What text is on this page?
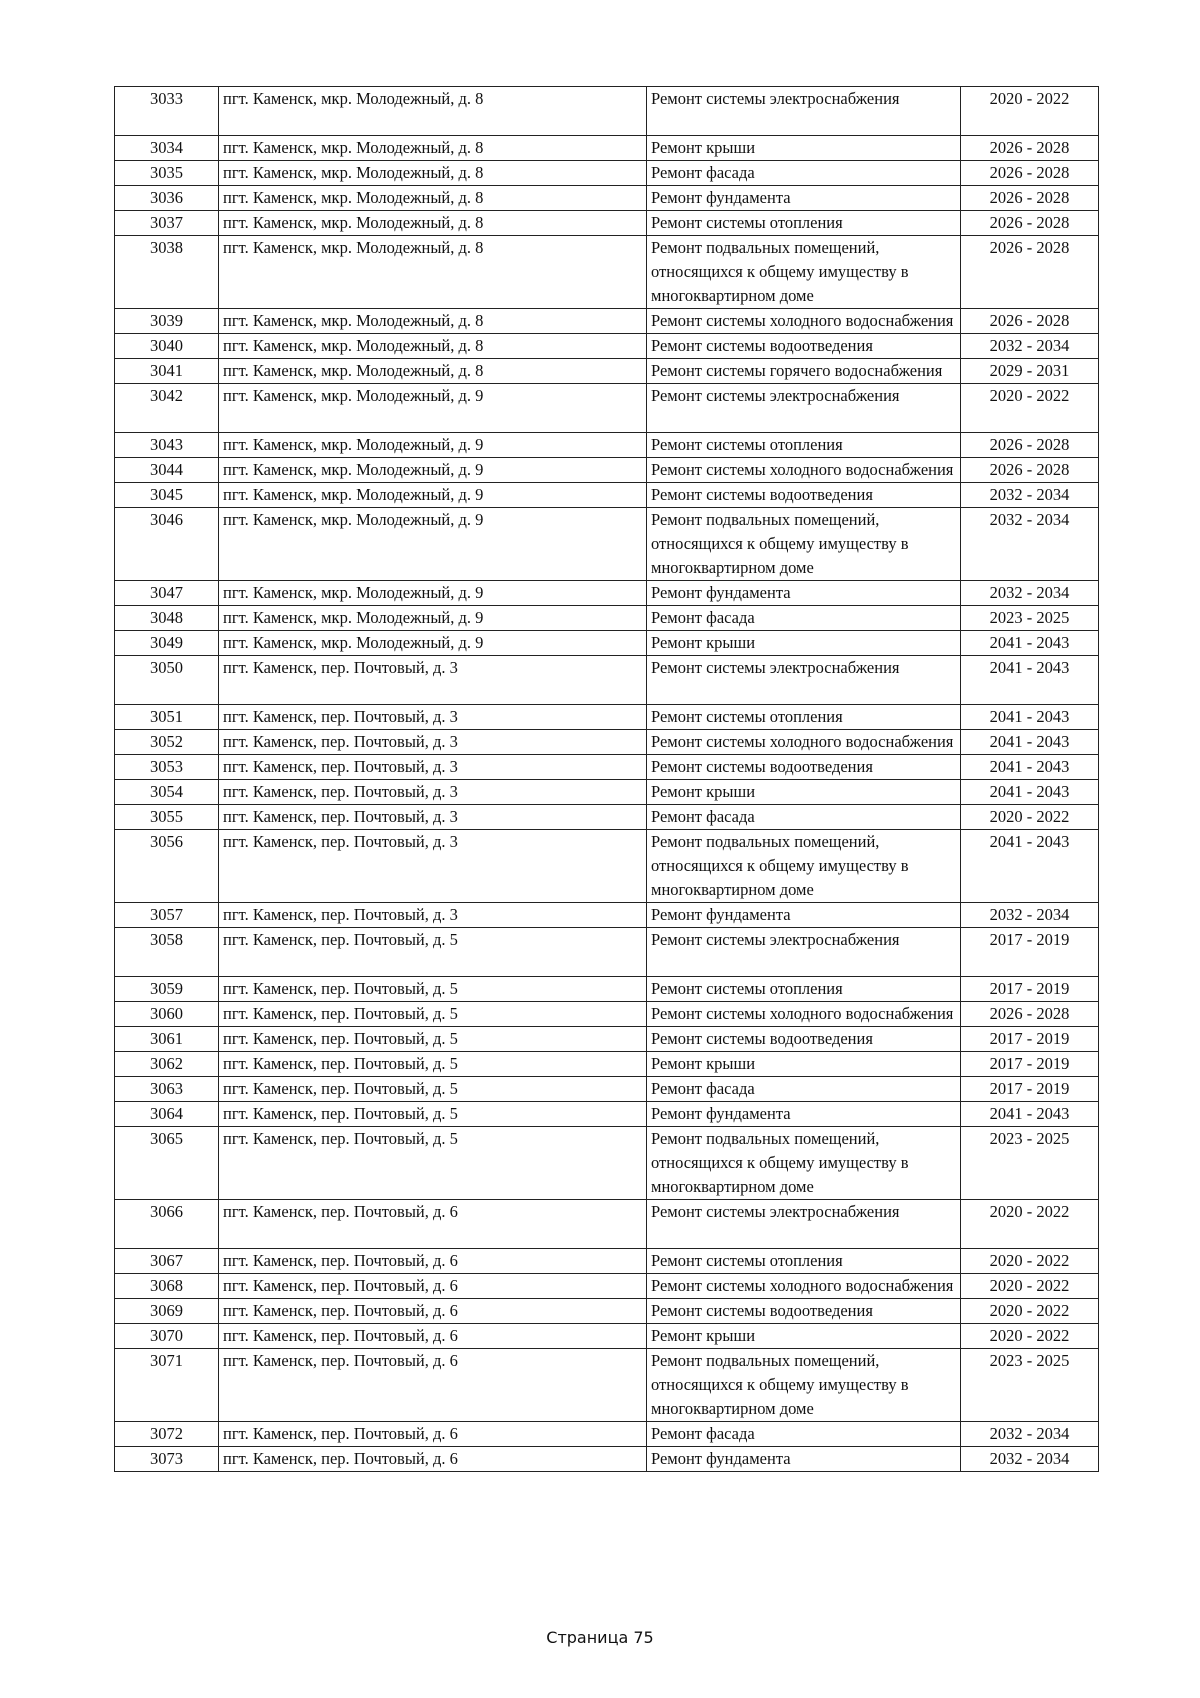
3033	пгт. Каменск, мкр. Молодежный, д. 8	Ремонт системы электроснабжения	2020 - 2022
3034	пгт. Каменск, мкр. Молодежный, д. 8	Ремонт крыши	2026 - 2028
3035	пгт. Каменск, мкр. Молодежный, д. 8	Ремонт фасада	2026 - 2028
3036	пгт. Каменск, мкр. Молодежный, д. 8	Ремонт фундамента	2026 - 2028
3037	пгт. Каменск, мкр. Молодежный, д. 8	Ремонт системы отопления	2026 - 2028
3038	пгт. Каменск, мкр. Молодежный, д. 8	Ремонт подвальных помещений, относящихся к общему имуществу в многоквартирном доме	2026 - 2028
3039	пгт. Каменск, мкр. Молодежный, д. 8	Ремонт системы холодного водоснабжения	2026 - 2028
3040	пгт. Каменск, мкр. Молодежный, д. 8	Ремонт системы водоотведения	2032 - 2034
3041	пгт. Каменск, мкр. Молодежный, д. 8	Ремонт системы горячего водоснабжения	2029 - 2031
3042	пгт. Каменск, мкр. Молодежный, д. 9	Ремонт системы электроснабжения	2020 - 2022
3043	пгт. Каменск, мкр. Молодежный, д. 9	Ремонт системы отопления	2026 - 2028
3044	пгт. Каменск, мкр. Молодежный, д. 9	Ремонт системы холодного водоснабжения	2026 - 2028
3045	пгт. Каменск, мкр. Молодежный, д. 9	Ремонт системы водоотведения	2032 - 2034
3046	пгт. Каменск, мкр. Молодежный, д. 9	Ремонт подвальных помещений, относящихся к общему имуществу в многоквартирном доме	2032 - 2034
3047	пгт. Каменск, мкр. Молодежный, д. 9	Ремонт фундамента	2032 - 2034
3048	пгт. Каменск, мкр. Молодежный, д. 9	Ремонт фасада	2023 - 2025
3049	пгт. Каменск, мкр. Молодежный, д. 9	Ремонт крыши	2041 - 2043
3050	пгт. Каменск, пер. Почтовый, д. 3	Ремонт системы электроснабжения	2041 - 2043
3051	пгт. Каменск, пер. Почтовый, д. 3	Ремонт системы отопления	2041 - 2043
3052	пгт. Каменск, пер. Почтовый, д. 3	Ремонт системы холодного водоснабжения	2041 - 2043
3053	пгт. Каменск, пер. Почтовый, д. 3	Ремонт системы водоотведения	2041 - 2043
3054	пгт. Каменск, пер. Почтовый, д. 3	Ремонт крыши	2041 - 2043
3055	пгт. Каменск, пер. Почтовый, д. 3	Ремонт фасада	2020 - 2022
3056	пгт. Каменск, пер. Почтовый, д. 3	Ремонт подвальных помещений, относящихся к общему имуществу в многоквартирном доме	2041 - 2043
3057	пгт. Каменск, пер. Почтовый, д. 3	Ремонт фундамента	2032 - 2034
3058	пгт. Каменск, пер. Почтовый, д. 5	Ремонт системы электроснабжения	2017 - 2019
3059	пгт. Каменск, пер. Почтовый, д. 5	Ремонт системы отопления	2017 - 2019
3060	пгт. Каменск, пер. Почтовый, д. 5	Ремонт системы холодного водоснабжения	2026 - 2028
3061	пгт. Каменск, пер. Почтовый, д. 5	Ремонт системы водоотведения	2017 - 2019
3062	пгт. Каменск, пер. Почтовый, д. 5	Ремонт крыши	2017 - 2019
3063	пгт. Каменск, пер. Почтовый, д. 5	Ремонт фасада	2017 - 2019
3064	пгт. Каменск, пер. Почтовый, д. 5	Ремонт фундамента	2041 - 2043
3065	пгт. Каменск, пер. Почтовый, д. 5	Ремонт подвальных помещений, относящихся к общему имуществу в многоквартирном доме	2023 - 2025
3066	пгт. Каменск, пер. Почтовый, д. 6	Ремонт системы электроснабжения	2020 - 2022
3067	пгт. Каменск, пер. Почтовый, д. 6	Ремонт системы отопления	2020 - 2022
3068	пгт. Каменск, пер. Почтовый, д. 6	Ремонт системы холодного водоснабжения	2020 - 2022
3069	пгт. Каменск, пер. Почтовый, д. 6	Ремонт системы водоотведения	2020 - 2022
3070	пгт. Каменск, пер. Почтовый, д. 6	Ремонт крыши	2020 - 2022
3071	пгт. Каменск, пер. Почтовый, д. 6	Ремонт подвальных помещений, относящихся к общему имуществу в многоквартирном доме	2023 - 2025
3072	пгт. Каменск, пер. Почтовый, д. 6	Ремонт фасада	2032 - 2034
3073	пгт. Каменск, пер. Почтовый, д. 6	Ремонт фундамента	2032 - 2034
Страница 75
